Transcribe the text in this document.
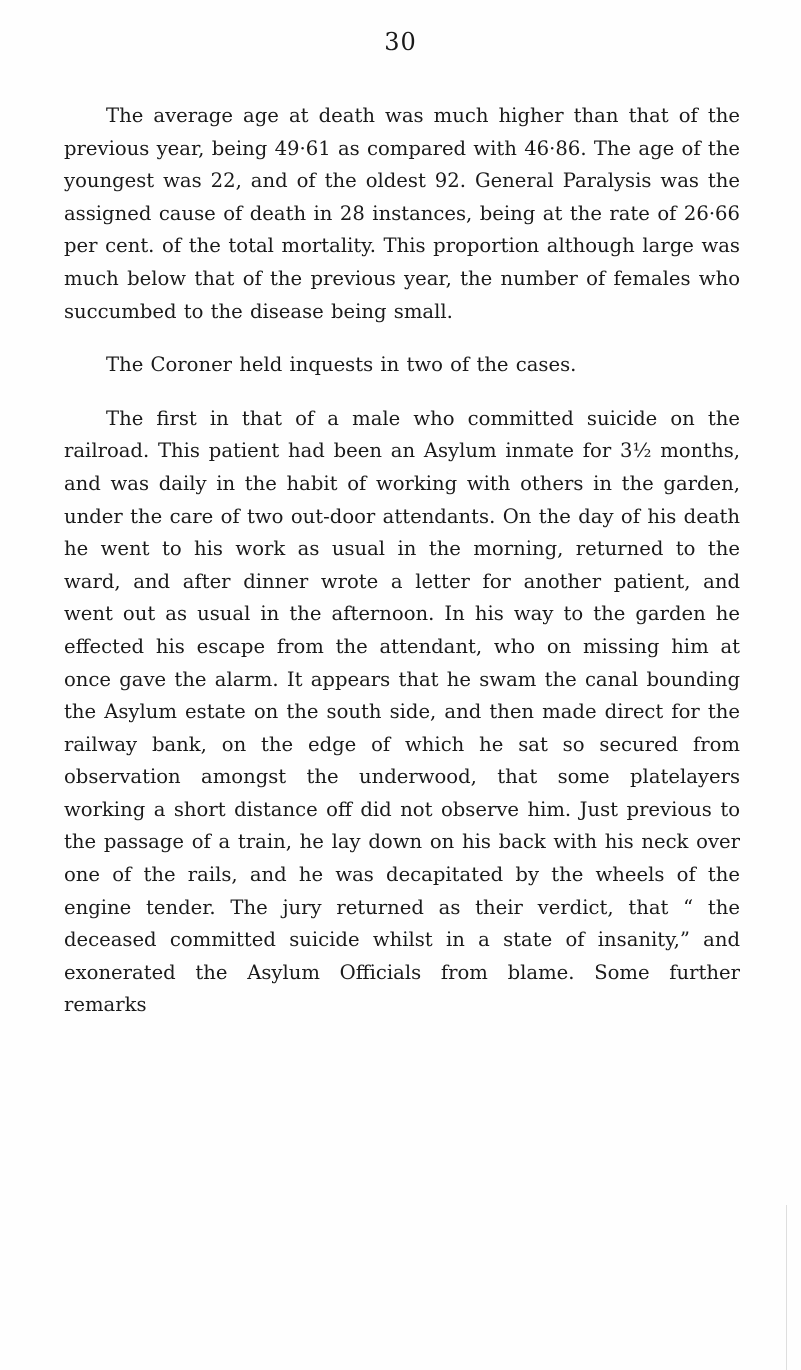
30

The average age at death was much higher than that of the previous year, being 49·61 as compared with 46·86. The age of the youngest was 22, and of the oldest 92. General Paralysis was the assigned cause of death in 28 instances, being at the rate of 26·66 per cent. of the total mortality. This proportion although large was much below that of the previous year, the number of females who succumbed to the disease being small.

The Coroner held inquests in two of the cases.

The first in that of a male who committed suicide on the railroad. This patient had been an Asylum inmate for 3½ months, and was daily in the habit of working with others in the garden, under the care of two out-door attendants. On the day of his death he went to his work as usual in the morning, returned to the ward, and after dinner wrote a letter for another patient, and went out as usual in the afternoon. In his way to the garden he effected his escape from the attendant, who on missing him at once gave the alarm. It appears that he swam the canal bounding the Asylum estate on the south side, and then made direct for the railway bank, on the edge of which he sat so secured from observation amongst the underwood, that some platelayers working a short distance off did not observe him. Just previous to the passage of a train, he lay down on his back with his neck over one of the rails, and he was decapitated by the wheels of the engine tender. The jury returned as their verdict, that “ the deceased committed suicide whilst in a state of insanity,” and exonerated the Asylum Officials from blame. Some further remarks
